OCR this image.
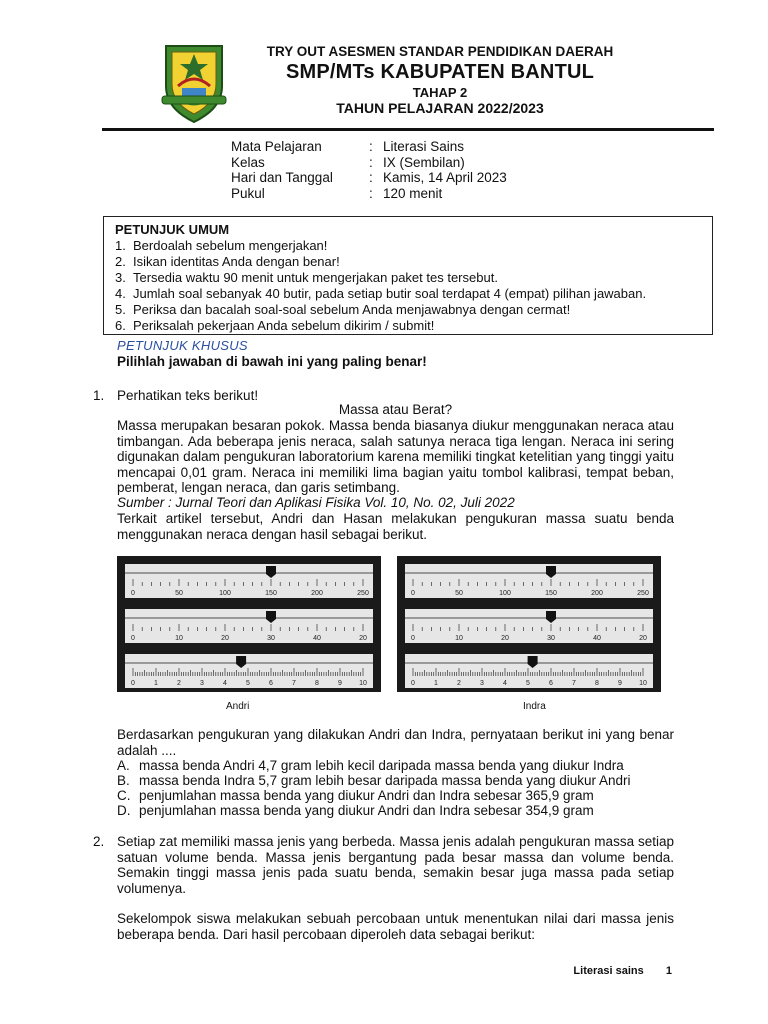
TRY OUT ASESMEN STANDAR PENDIDIKAN DAERAH
SMP/MTs KABUPATEN BANTUL
TAHAP 2
TAHUN PELAJARAN 2022/2023
Mata Pelajaran	: Literasi Sains
Kelas	: IX (Sembilan)
Hari dan Tanggal	: Kamis, 14 April 2023
Pukul	: 120 menit
PETUNJUK UMUM
1. Berdoalah sebelum mengerjakan!
2. Isikan identitas Anda dengan benar!
3. Tersedia waktu 90 menit untuk mengerjakan paket tes tersebut.
4. Jumlah soal sebanyak 40 butir, pada setiap butir soal terdapat 4 (empat) pilihan jawaban.
5. Periksa dan bacalah soal-soal sebelum Anda menjawabnya dengan cermat!
6. Periksalah pekerjaan Anda sebelum dikirim / submit!
PETUNJUK KHUSUS
Pilihlah jawaban di bawah ini yang paling benar!
1. Perhatikan teks berikut!
Massa atau Berat?
Massa merupakan besaran pokok. Massa benda biasanya diukur menggunakan neraca atau timbangan. Ada beberapa jenis neraca, salah satunya neraca tiga lengan. Neraca ini sering digunakan dalam pengukuran laboratorium karena memiliki tingkat ketelitian yang tinggi yaitu mencapai 0,01 gram. Neraca ini memiliki lima bagian yaitu tombol kalibrasi, tempat beban, pemberat, lengan neraca, dan garis setimbang.
Sumber : Jurnal Teori dan Aplikasi Fisika Vol. 10, No. 02, Juli 2022
Terkait artikel tersebut, Andri dan Hasan melakukan pengukuran massa suatu benda menggunakan neraca dengan hasil sebagai berikut.
0	50	100	150	200	250
0	10	20	30	40	20
0	1	2	3	4	5	6	7	8	9 10
0	50	100	150	200	250
0	10	20	30	40	20
0	1	2	3	4	5	6	7	8	9 10
Andri	Indra
Berdasarkan pengukuran yang dilakukan Andri dan Indra, pernyataan berikut ini yang benar adalah ....
A. massa benda Andri 4,7 gram lebih kecil daripada massa benda yang diukur Indra
B. massa benda Indra 5,7 gram lebih besar daripada massa benda yang diukur Andri
C. penjumlahan massa benda yang diukur Andri dan Indra sebesar 365,9 gram
D. penjumlahan massa benda yang diukur Andri dan Indra sebesar 354,9 gram
2. Setiap zat memiliki massa jenis yang berbeda. Massa jenis adalah pengukuran massa setiap satuan volume benda. Massa jenis bergantung pada besar massa dan volume benda. Semakin tinggi massa jenis pada suatu benda, semakin besar juga massa pada setiap volumenya.
Sekelompok siswa melakukan sebuah percobaan untuk menentukan nilai dari massa jenis beberapa benda. Dari hasil percobaan diperoleh data sebagai berikut:
Literasi sains 1
